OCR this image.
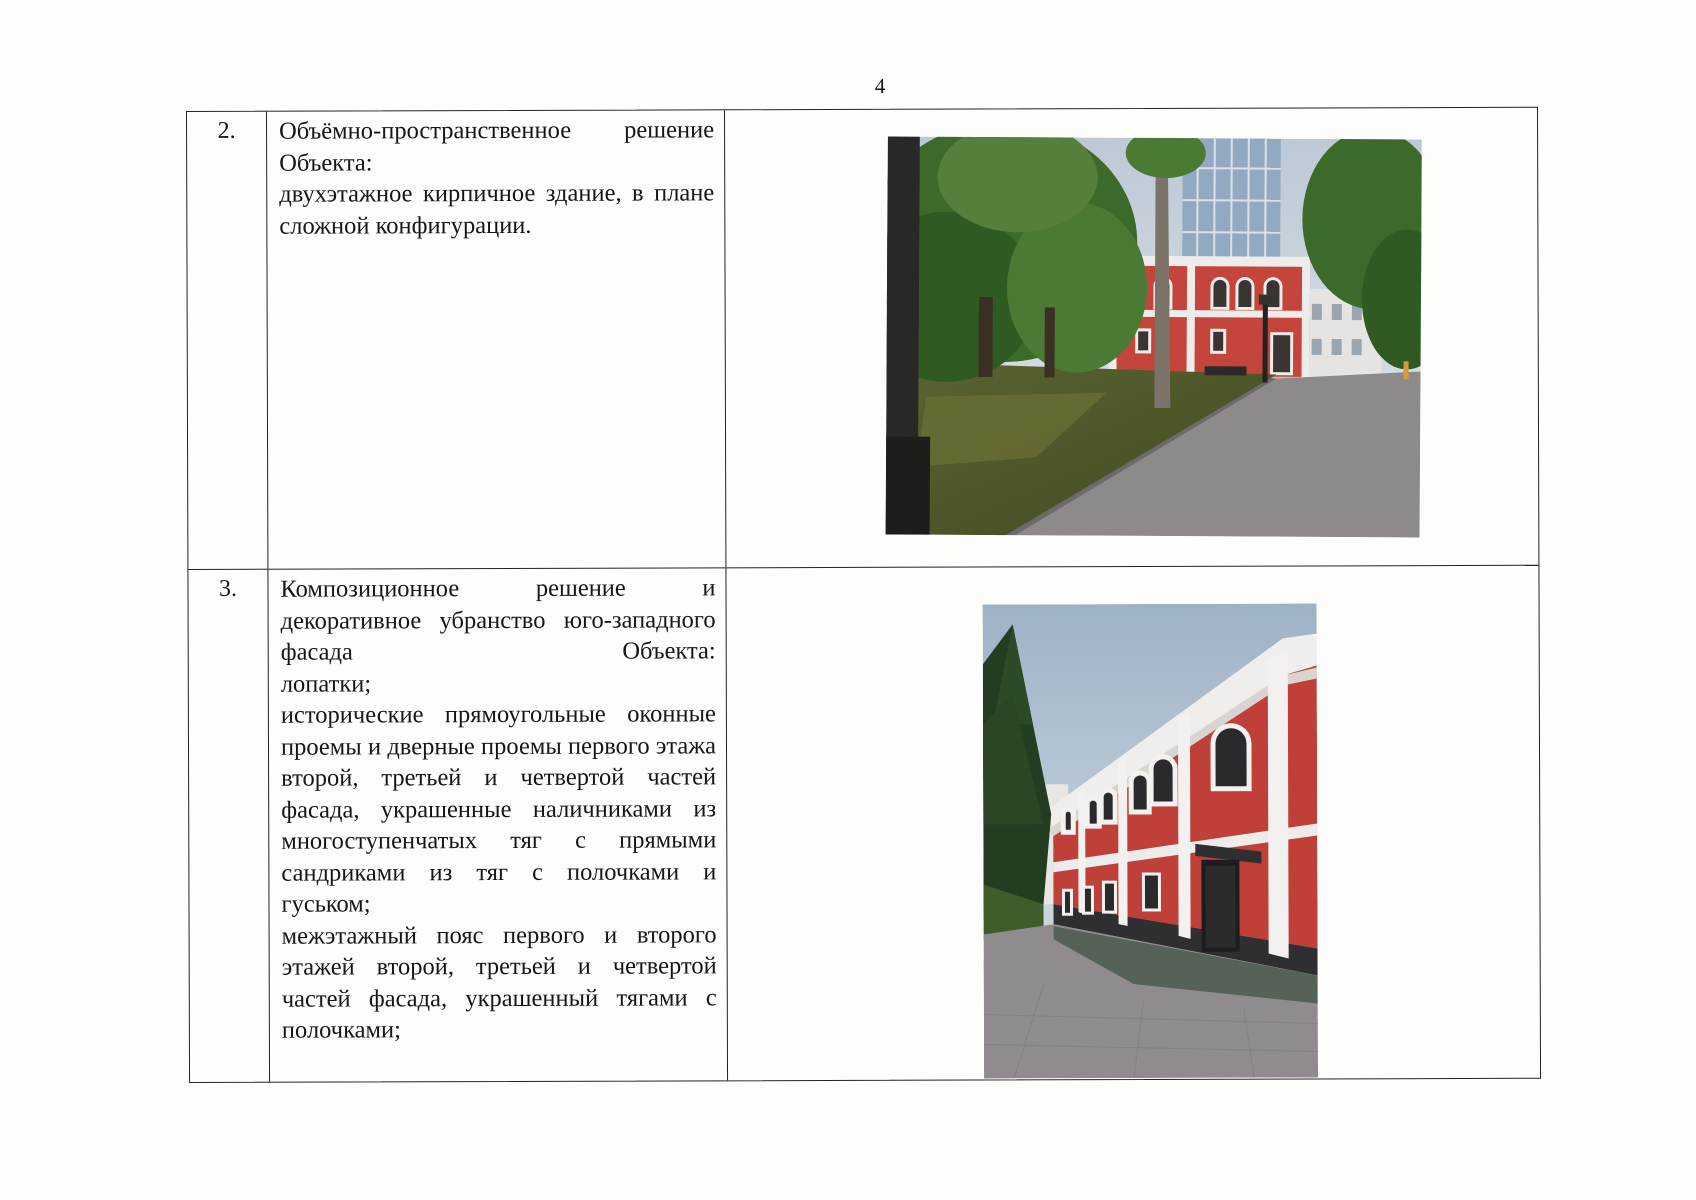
4
2.	Объёмно-пространственное решение Объекта:

двухэтажное кирпичное здание, в плане сложной конфигурации.

3.	Композиционное решение и декоративное убранство юго-западного фасада Объекта:

лопатки;

исторические прямоугольные оконные проемы и дверные проемы первого этажа второй, третьей и четвертой частей фасада, украшенные наличниками из многоступенчатых тяг с прямыми сандриками из тяг с полочками и гуськом;

межэтажный пояс первого и второго этажей второй, третьей и четвертой частей фасада, украшенный тягами с полочками;
